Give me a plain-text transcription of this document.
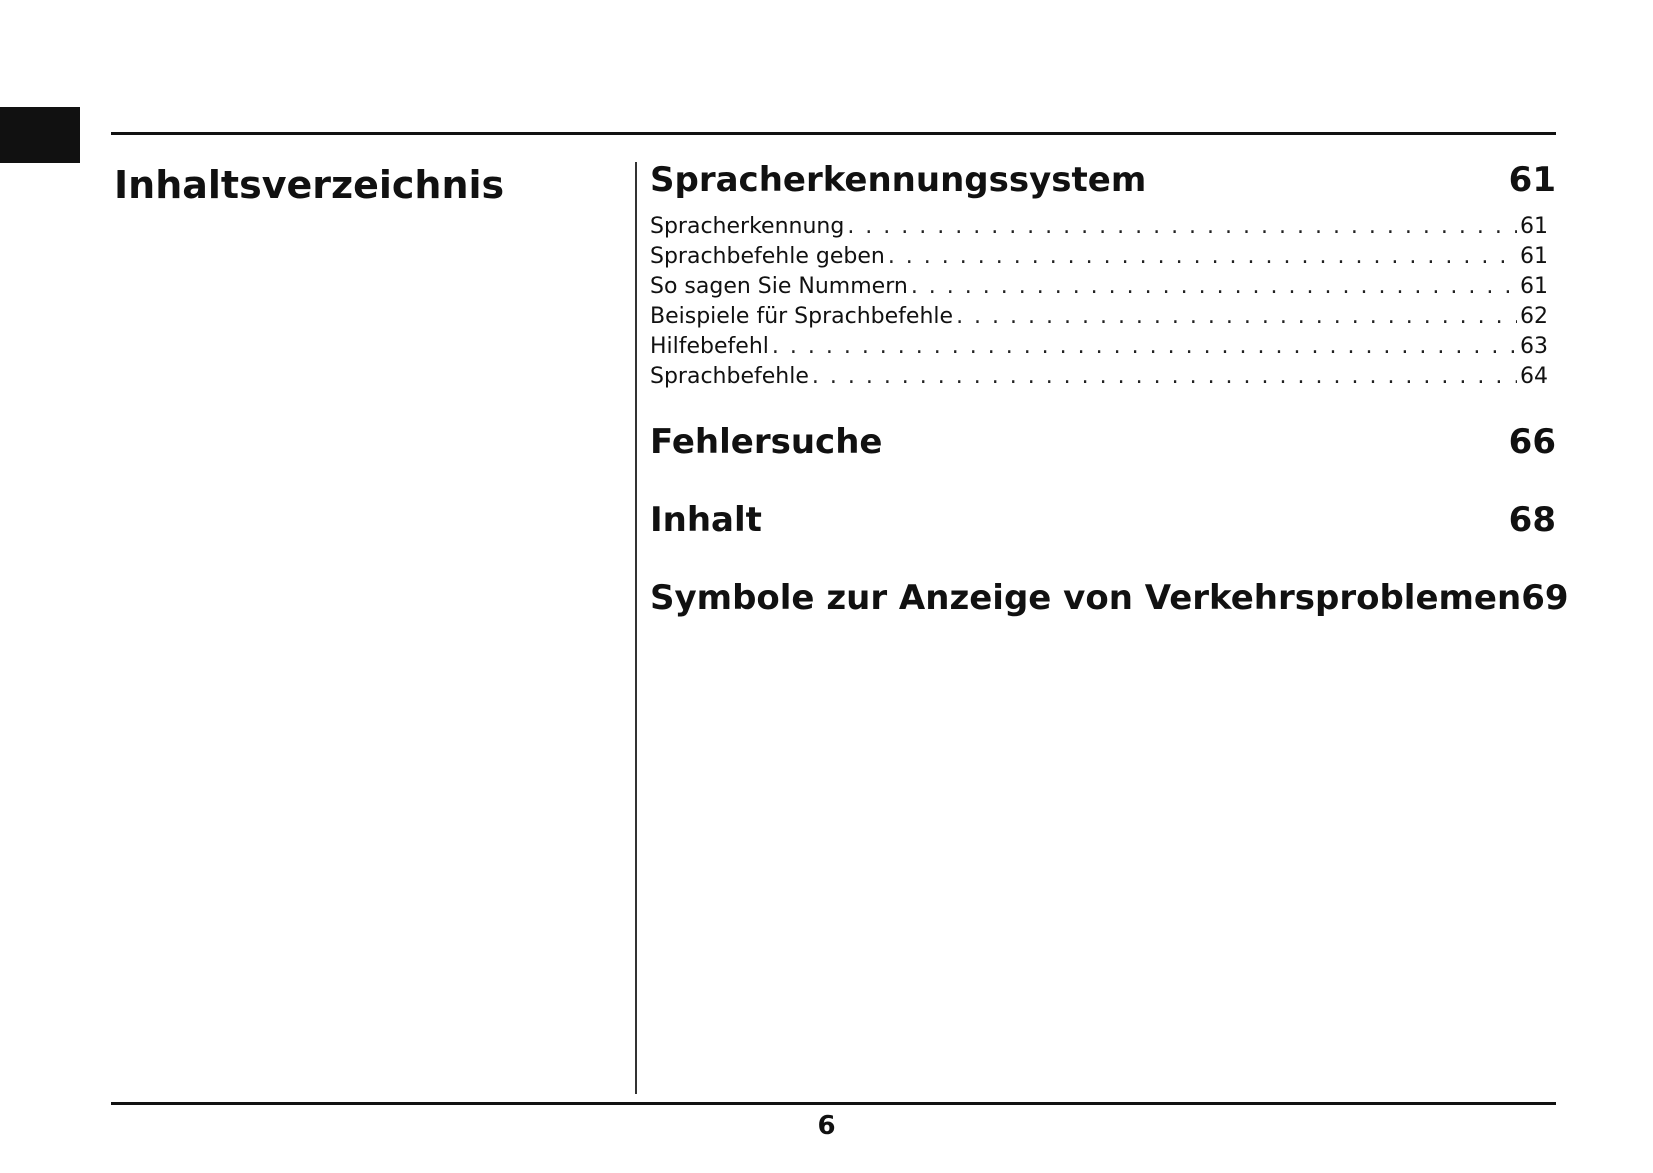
Inhaltsverzeichnis	Spracherkennungssystem	61
Spracherkennung . . .	61
Sprachbefehle geben . . .	61
So sagen Sie Nummern . . .	61
Beispiele für Sprachbefehle . . .	62
Hilfebefehl . . .	63
Sprachbefehle . . .	64
Fehlersuche	66
Inhalt	68
Symbole zur Anzeige von Verkehrsproblemen 69
6
